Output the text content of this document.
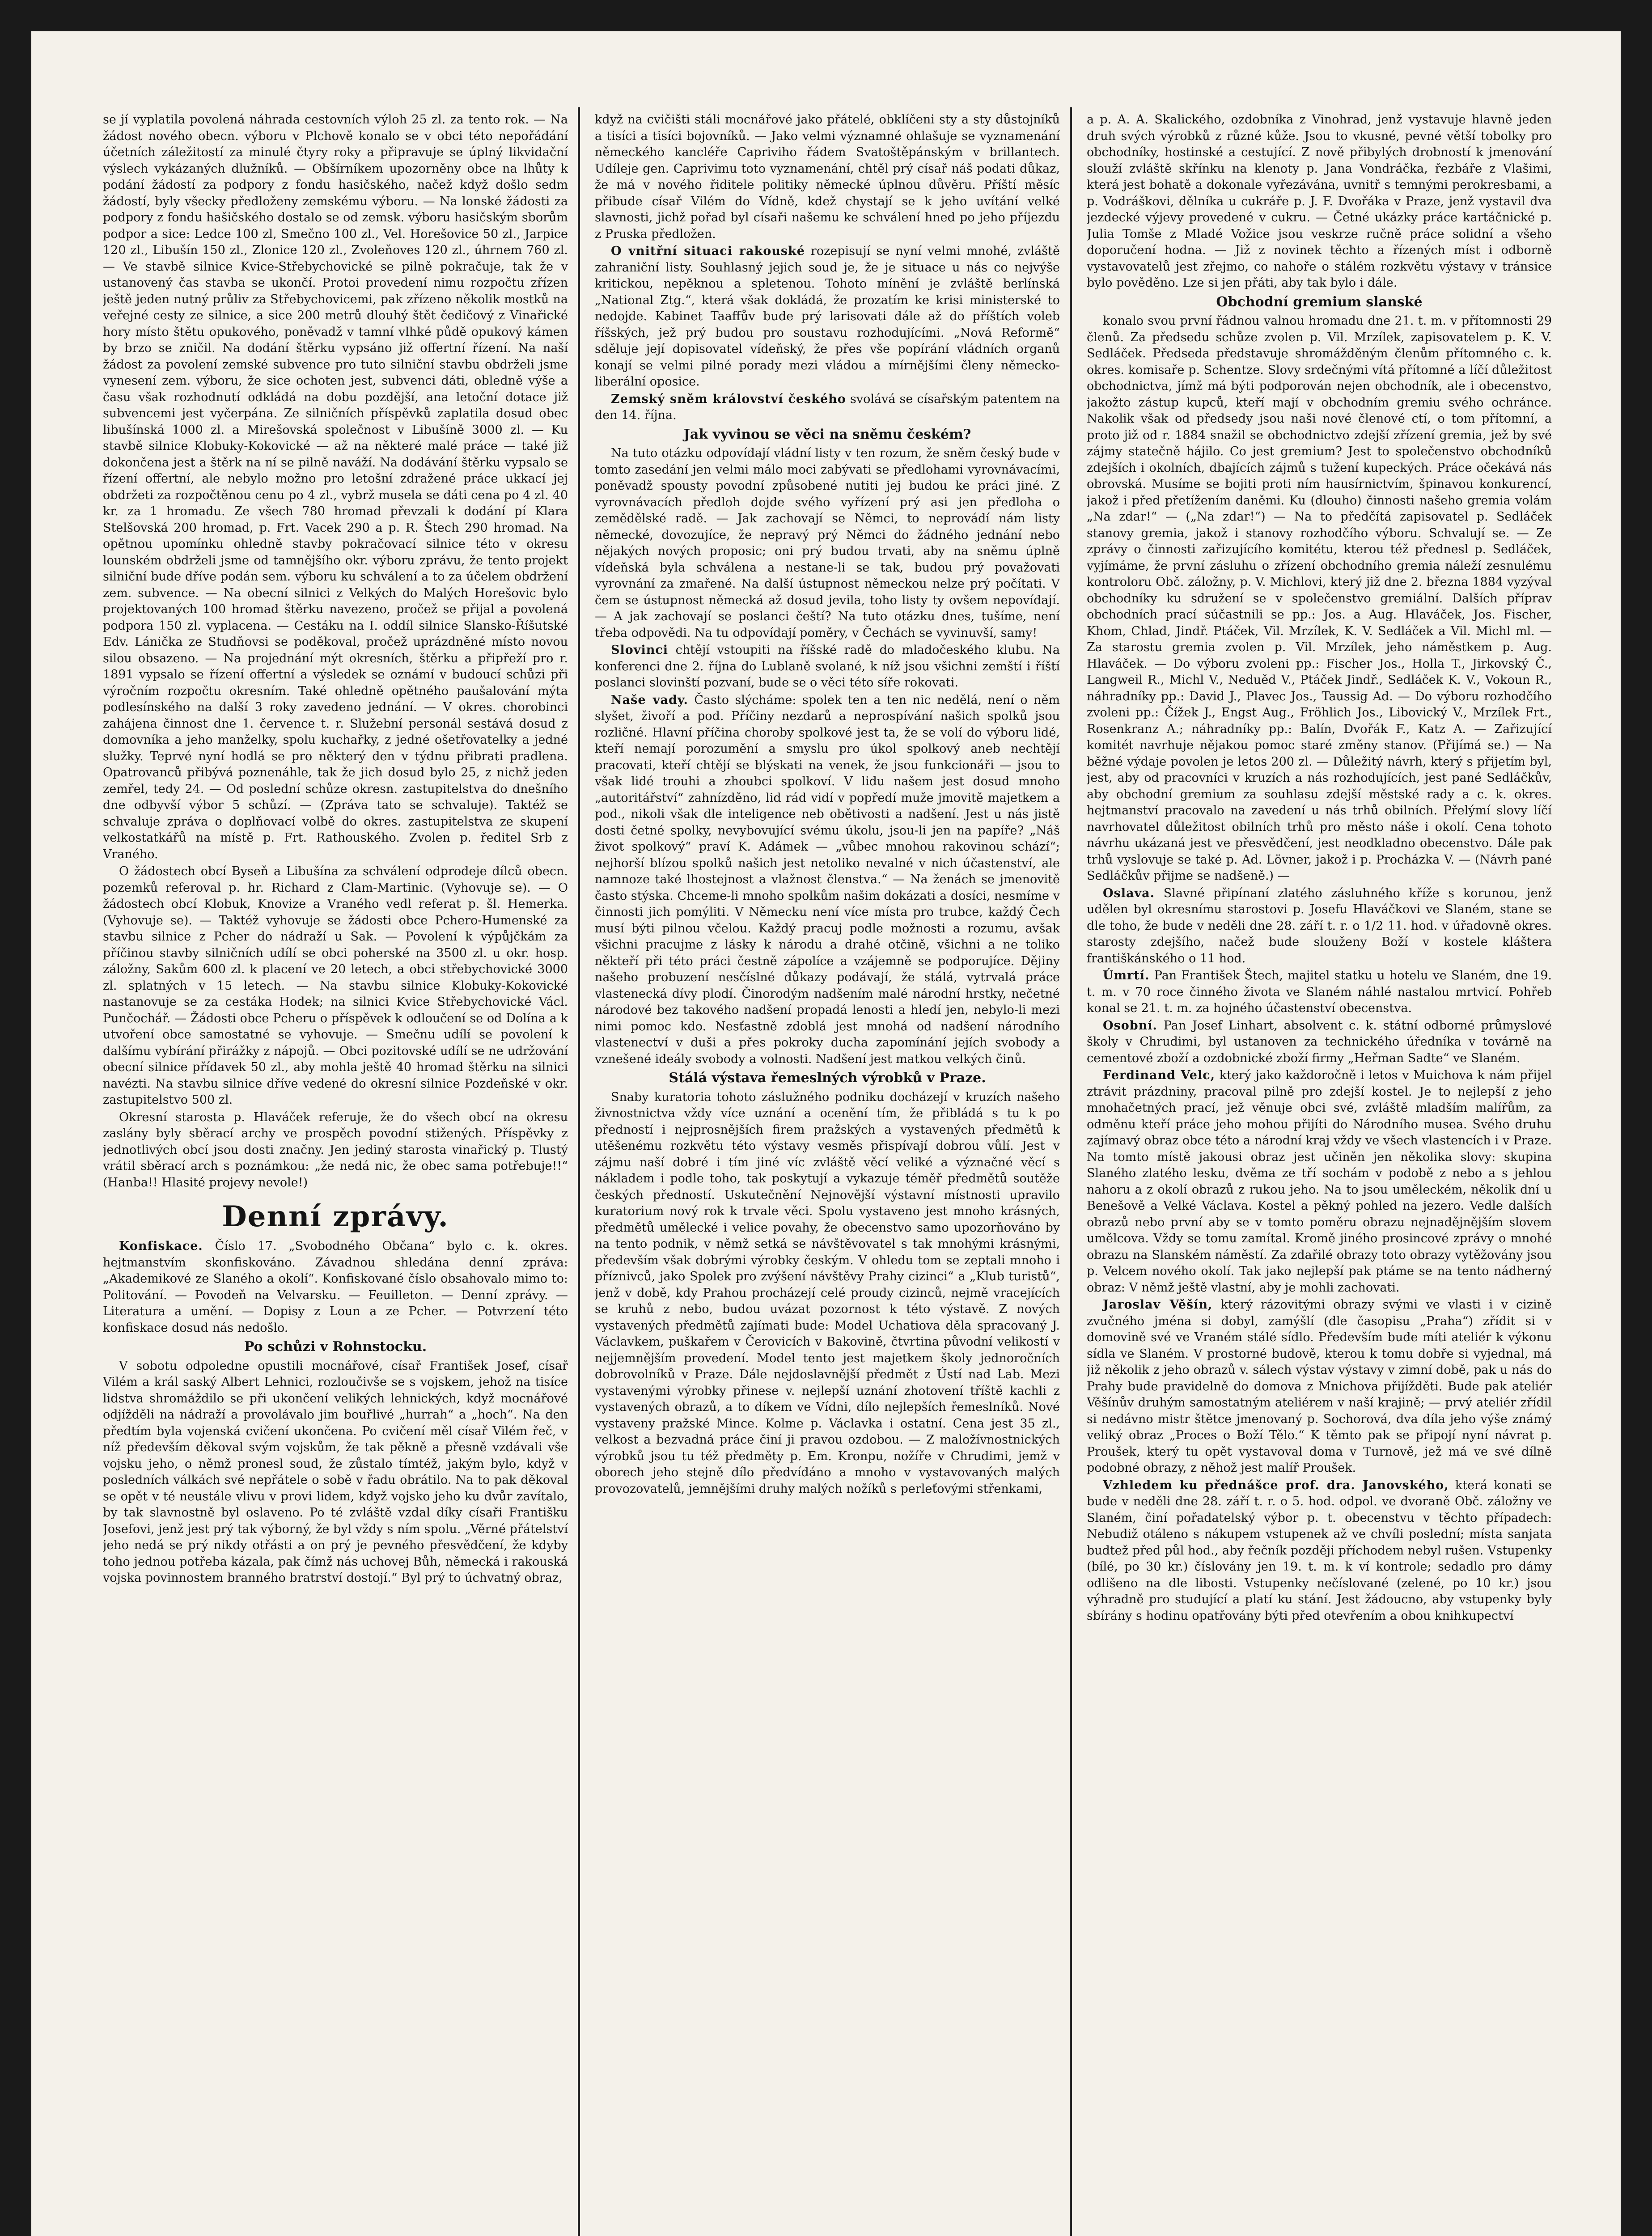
se jí vyplatila povolená náhrada cestovních výloh 25 zl. za tento rok. — Na žádost nového obecn. výboru v Plchově konalo se v obci této nepořádání účetních záležitostí za minulé čtyry roky a připravuje se úplný likvidační výslech vykázaných dlužníků. — Obšírníkem upozorněny obce na lhůty k podání žádostí za podpory z fondu hasičského, načež když došlo sedm žádostí, byly všecky předloženy zemskému výboru. — Na lonské žádosti za podpory z fondu hašičského dostalo se od zemsk. výboru hasičským sborům podpor a sice: Ledce 100 zl, Smečno 100 zl., Vel. Horešovice 50 zl., Jarpice 120 zl., Libušín 150 zl., Zlonice 120 zl., Zvoleňoves 120 zl., úhrnem 760 zl. — Ve stavbě silnice Kvice-Střebychovické se pilně pokračuje, tak že v ustanovený čas stavba se ukončí. Protoi provedení nimu rozpočtu zřízen ještě jeden nutný průliv za Střebychovicemi, pak zřízeno několik mostků na veřejné cesty ze silnice, a sice 200 metrů dlouhý štět čedičový z Vinařické hory místo štětu opukového, poněvadž v tamní vlhké půdě opukový kámen by brzo se zničil. Na dodání štěrku vypsáno již offertní řízení. Na naší žádost za povolení zemské subvence pro tuto silniční stavbu obdrželi jsme vynesení zem. výboru, že sice ochoten jest, subvenci dáti, obledně výše a času však rozhodnutí odkládá na dobu pozdější, ana letoční dotace již subvencemi jest vyčerpána. Ze silničních příspěvků zaplatila dosud obec libušínská 1000 zl. a Mirešovská společnost v Libušíně 3000 zl. — Ku stavbě silnice Klobuky-Kokovické — až na některé malé práce — také již dokončena jest a štěrk na ní se pilně naváží. Na dodávání štěrku vypsalo se řízení offertní, ale nebylo možno pro letošní zdražené práce ukkací jej obdržeti za rozpočtěnou cenu po 4 zl., vybrž musela se dáti cena po 4 zl. 40 kr. za 1 hromadu. Ze všech 780 hromad převzali k dodání pí Klara Stelšovská 200 hromad, p. Frt. Vacek 290 a p. R. Štech 290 hromad. Na opětnou upomínku ohledně stavby pokračovací silnice této v okresu lounském obdrželi jsme od tamnějšího okr. výboru zprávu, že tento projekt silniční bude dříve podán sem. výboru ku schválení a to za účelem obdržení zem. subvence. — Na obecní silnici z Velkých do Malých Horešovic bylo projektovaných 100 hromad štěrku navezeno, pročež se přijal a povolená podpora 150 zl. vyplacena. — Cestáku na I. oddíl silnice Slansko-Říšutské Edv. Lánička ze Studňovsi se poděkoval, pročež uprázdněné místo novou silou obsazeno. — Na projednání mýt okresních, štěrku a připřeží pro r. 1891 vypsalo se řízení offertní a výsledek se oznámí v budoucí schůzi při výročním rozpočtu okresním. Také ohledně opětného paušalování mýta podlesínského na další 3 roky zavedeno jednání. — V okres. chorobinci zahájena činnost dne 1. července t. r. Služební personál sestává dosud z domovníka a jeho manželky, spolu kuchařky, z jedné ošetřovatelky a jedné služky. Teprvé nyní hodlá se pro některý den v týdnu přibrati pradlena. Opatrovanců přibývá poznenáhle, tak že jich dosud bylo 25, z nichž jeden zemřel, tedy 24. — Od poslední schůze okresn. zastupitelstva do dnešního dne odbyvší výbor 5 schůzí. — (Zpráva tato se schvaluje). Taktéž se schvaluje zpráva o doplňovací volbě do okres. zastupitelstva ze skupení velkostatkářů na místě p. Frt. Rathouského. Zvolen p. ředitel Srb z Vraného.

O žádostech obcí Byseň a Libušína za schválení odprodeje dílců obecn. pozemků referoval p. hr. Richard z Clam-Martinic. (Vyhovuje se). — O žádostech obcí Klobuk, Knovize a Vraného vedl referat p. šl. Hemerka. (Vyhovuje se). — Taktéž vyhovuje se žádosti obce Pchero-Humenské za stavbu silnice z Pcher do nádraží u Sak. — Povolení k výpůjčkám za příčinou stavby silničních udílí se obci poherské na 3500 zl. u okr. hosp. záložny, Sakům 600 zl. k placení ve 20 letech, a obci střebychovické 3000 zl. splatných v 15 letech. — Na stavbu silnice Klobuky-Kokovické nastanovuje se za cestáka Hodek; na silnici Kvice Střebychovické Václ. Punčochář. — Žádosti obce Pcheru o příspěvek k odloučení se od Dolína a k utvoření obce samostatné se vyhovuje. — Smečnu udílí se povolení k dalšímu vybírání přirážky z nápojů. — Obci pozitovské udílí se ne udržování obecní silnice přídavek 50 zl., aby mohla ještě 40 hromad štěrku na silnici navézti. Na stavbu silnice dříve vedené do okresní silnice Pozdeňské v okr. zastupitelstvo 500 zl.

Okresní starosta p. Hlaváček referuje, že do všech obcí na okresu zaslány byly sběrací archy ve prospěch povodní stižených. Příspěvky z jednotlivých obcí jsou dosti značny. Jen jediný starosta vinařický p. Tlustý vrátil sběrací arch s poznámkou: „že nedá nic, že obec sama potřebuje!!“ (Hanba!! Hlasité projevy nevole!)

Denní zprávy.

Konfiskace. Číslo 17. „Svobodného Občana“ bylo c. k. okres. hejtmanstvím skonfiskováno. Závadnou shledána denní zpráva: „Akademikové ze Slaného a okolí“. Konfiskované číslo obsahovalo mimo to: Politování. — Povodeň na Velvarsku. — Feuilleton. — Denní zprávy. — Literatura a umění. — Dopisy z Loun a ze Pcher. — Potvrzení této konfiskace dosud nás nedošlo.

Po schůzi v Rohnstocku.

V sobotu odpoledne opustili mocnářové, císař František Josef, císař Vilém a král saský Albert Lehnici, rozloučivše se s vojskem, jehož na tisíce lidstva shromáždilo se při ukončení velikých lehnických, když mocnářové odjížděli na nádraží a provolávalo jim bouřlivé „hurrah“ a „hoch“. Na den předtím byla vojenská cvičení ukončena. Po cvičení měl císař Vilém řeč, v níž především děkoval svým vojskům, že tak pěkně a přesně vzdávali vše vojsku jeho, o němž pronesl soud, že zůstalo tímtéž, jakým bylo, když v posledních válkách své nepřátele o sobě v řadu obrátilo. Na to pak děkoval se opět v té neustále vlivu v provi lidem, když vojsko jeho ku dvůr zavítalo, by tak slavnostně byl oslaveno. Po té zvláště vzdal díky císaři Františku Josefovi, jenž jest prý tak výborný, že byl vždy s ním spolu. „Věrné přátelství jeho nedá se prý nikdy otřásti a on prý je pevného přesvědčení, že kdyby toho jednou potřeba kázala, pak čímž nás uchovej Bůh, německá i rakouská vojska povinnostem branného bratrství dostojí.“ Byl prý to úchvatný obraz,

když na cvičišti stáli mocnářové jako přátelé, obklíčeni sty a sty důstojníků a tisíci a tisíci bojovníků. — Jako velmi významné ohlašuje se vyznamenání německého kancléře Capriviho řádem Svatoštěpánským v brillantech. Udíleje gen. Caprivimu toto vyznamenání, chtěl prý císař náš podati důkaz, že má v nového řiditele politiky německé úplnou důvěru. Příští měsíc přibude císař Vilém do Vídně, kdež chystají se k jeho uvítání velké slavnosti, jichž pořad byl císaři našemu ke schválení hned po jeho příjezdu z Pruska předložen.

O vnitřní situaci rakouské rozepisují se nyní velmi mnohé, zvláště zahraniční listy. Souhlasný jejich soud je, že je situace u nás co nejvýše kritickou, nepěknou a spletenou. Tohoto mínění je zvláště berlínská „National Ztg.“, která však dokládá, že prozatím ke krisi ministerské to nedojde. Kabinet Taaffův bude prý larisovati dále až do příštích voleb říšských, jež prý budou pro soustavu rozhodujícími. „Nová Reformě“ sděluje její dopisovatel vídeňský, že přes vše popírání vládních organů konají se velmi pilné porady mezi vládou a mírnějšími členy německo-liberální oposice.

Zemský sněm království českého svolává se císařským patentem na den 14. října.

Jak vyvinou se věci na sněmu českém?

Na tuto otázku odpovídají vládní listy v ten rozum, že sněm český bude v tomto zasedání jen velmi málo moci zabývati se předlohami vyrovnávacími, poněvadž spousty povodní způsobené nutiti jej budou ke práci jiné. Z vyrovnávacích předloh dojde svého vyřízení prý asi jen předloha o zemědělské radě. — Jak zachovají se Němci, to neprovádí nám listy německé, dovozujíce, že nepravý prý Němci do žádného jednání nebo nějakých nových proposic; oni prý budou trvati, aby na sněmu úplně vídeňská byla schválena a nestane-li se tak, budou prý považovati vyrovnání za zmařené. Na další ústupnost německou nelze prý počítati. V čem se ústupnost německá až dosud jevila, toho listy ty ovšem nepovídají. — A jak zachovají se poslanci čeští? Na tuto otázku dnes, tušíme, není třeba odpovědi. Na tu odpovídají poměry, v Čechách se vyvinuvší, samy!

Slovinci chtějí vstoupiti na říšské radě do mladočeského klubu. Na konferenci dne 2. října do Lublaně svolané, k níž jsou všichni zemští i říští poslanci slovinští pozvaní, bude se o věci této síře rokovati.

Naše vady. Často slýcháme: spolek ten a ten nic nedělá, není o něm slyšet, živoří a pod. Příčiny nezdarů a neprospívání našich spolků jsou rozličné. Hlavní příčina choroby spolkové jest ta, že se volí do výboru lidé, kteří nemají porozumění a smyslu pro úkol spolkový aneb nechtějí pracovati, kteří chtějí se blýskati na venek, že jsou funkcionáři — jsou to však lidé trouhi a zhoubci spolkoví. V lidu našem jest dosud mnoho „autoritářství“ zahnízděno, lid rád vidí v popředí muže jmovitě majetkem a pod., nikoli však dle inteligence neb obětivosti a nadšení. Jest u nás jistě dosti četné spolky, nevybovující svému úkolu, jsou-li jen na papíře? „Náš život spolkový“ praví K. Adámek — „vůbec mnohou rakovinou schází“; nejhorší blízou spolků našich jest netoliko nevalné v nich účastenství, ale namnoze také lhostejnost a vlažnost členstva.“ — Na ženách se jmenovitě často stýska. Chceme-li mnoho spolkům našim dokázati a dosíci, nesmíme v činnosti jich pomýliti. V Německu není více místa pro trubce, každý Čech musí býti pilnou včelou. Každý pracuj podle možnosti a rozumu, avšak všichni pracujme z lásky k národu a drahé otčině, všichni a ne toliko někteří při této práci čestně zápolíce a vzájemně se podporujíce. Dějiny našeho probuzení nesčíslné důkazy podávají, že stálá, vytrvalá práce vlastenecká dívy plodí. Činorodým nadšením malé národní hrstky, nečetné národové bez takového nadšení propadá lenosti a hledí jen, nebylo-li mezi nimi pomoc kdo. Nesťastně zdoblá jest mnohá od nadšení národního vlastenectví v duši a přes pokroky ducha zapomínání jejích svobody a vznešené ideály svobody a volnosti. Nadšení jest matkou velkých činů.

Stálá výstava řemeslných výrobků v Praze.

Snaby kuratoria tohoto záslužného podniku docházejí v kruzích našeho živnostnictva vždy více uznání a ocenění tím, že přibládá s tu k po předností i nejprosnějších firem pražských a vystavených předmětů k utěšenému rozkvětu této výstavy vesměs přispívají dobrou vůlí. Jest v zájmu naší dobré i tím jiné víc zvláště věcí veliké a význačné věcí s nákladem i podle toho, tak poskytují a vykazuje téměř předmětů soutěže českých předností. Uskutečnění Nejnovější výstavní místnosti upravilo kuratorium nový rok k trvale věci. Spolu vystaveno jest mnoho krásných, předmětů umělecké i velice povahy, že obecenstvo samo upozorňováno by na tento podnik, v němž setká se návštěvovatel s tak mnohými krásnými, především však dobrými výrobky českým. V ohledu tom se zeptali mnoho i příznivců, jako Spolek pro zvýšení návštěvy Prahy cizinci“ a „Klub turistů“, jenž v době, kdy Prahou procházejí celé proudy cizinců, nejmě vracejících se kruhů z nebo, budou uvázat pozornost k této výstavě. Z nových vystavených předmětů zajímati bude: Model Uchatiova děla spracovaný J. Václavkem, puškařem v Čerovicích v Bakovině, čtvrtina původní velikostí v nejjemnějším provedení. Model tento jest majetkem školy jednoročních dobrovolníků v Praze. Dále nejdoslavnější předmět z Ústí nad Lab. Mezi vystavenými výrobky přinese v. nejlepší uznání zhotovení tříště kachli z vystavených obrazů, a to díkem ve Vídni, dílo nejlepších řemeslníků. Nové vystaveny pražské Mince. Kolme p. Václavka i ostatní. Cena jest 35 zl., velkost a bezvadná práce činí ji pravou ozdobou. — Z maložívnostnických výrobků jsou tu též předměty p. Em. Kronpu, nožíře v Chrudimi, jemž v oborech jeho stejně dílo předvídáno a mnoho v vystavovaných malých provozovatelů, jemnějšími druhy malých nožíků s perleťovými střenkami,

a p. A. A. Skalického, ozdobníka z Vinohrad, jenž vystavuje hlavně jeden druh svých výrobků z různé kůže. Jsou to vkusné, pevné větší tobolky pro obchodníky, hostinské a cestující. Z nově přibylých drobností k jmenování slouží zvláště skřínku na klenoty p. Jana Vondráčka, řezbáře z Vlašimi, která jest bohatě a dokonale vyřezávána, uvnitř s temnými perokresbami, a p. Vodráškovi, dělníka u cukráře p. J. F. Dvořáka v Praze, jenž vystavil dva jezdecké výjevy provedené v cukru. — Četné ukázky práce kartáčnické p. Julia Tomše z Mladé Vožice jsou veskrze ručně práce solidní a všeho doporučení hodna. — Již z novinek těchto a řízených míst i odborně vystavovatelů jest zřejmo, co nahoře o stálém rozkvětu výstavy v tránsice bylo pověděno. Lze si jen přáti, aby tak bylo i dále.

Obchodní gremium slanské

konalo svou první řádnou valnou hromadu dne 21. t. m. v přítomnosti 29 členů. Za předsedu schůze zvolen p. Vil. Mrzílek, zapisovatelem p. K. V. Sedláček. Předseda představuje shromážděným členům přítomného c. k. okres. komisaře p. Schentze. Slovy srdečnými vítá přítomné a líčí důležitost obchodnictva, jímž má býti podporován nejen obchodník, ale i obecenstvo, jakožto zástup kupců, kteří mají v obchodním gremiu svého ochránce. Nakolik však od předsedy jsou naši nové členové ctí, o tom přítomní, a proto již od r. 1884 snažil se obchodnictvo zdejší zřízení gremia, jež by své zájmy statečně hájilo. Co jest gremium? Jest to společenstvo obchodníků zdejších i okolních, dbajících zájmů s tužení kupeckých. Práce očekává nás obrovská. Musíme se bojiti proti ním hausírnictvím, špinavou konkurencí, jakož i před přetížením daněmi. Ku (dlouho) činnosti našeho gremia volám „Na zdar!“ — („Na zdar!“) — Na to předčítá zapisovatel p. Sedláček stanovy gremia, jakož i stanovy rozhodčího výboru. Schvalují se. — Ze zprávy o činnosti zařizujícího komitétu, kterou též přednesl p. Sedláček, vyjímáme, že první zásluhu o zřízení obchodního gremia náleží zesnulému kontroloru Obč. záložny, p. V. Michlovi, který již dne 2. března 1884 vyzýval obchodníky ku sdružení se v společenstvo gremiální. Dalších příprav obchodních prací súčastnili se pp.: Jos. a Aug. Hlaváček, Jos. Fischer, Khom, Chlad, Jindř. Ptáček, Vil. Mrzílek, K. V. Sedláček a Vil. Michl ml. — Za starostu gremia zvolen p. Vil. Mrzílek, jeho náměstkem p. Aug. Hlaváček. — Do výboru zvoleni pp.: Fischer Jos., Holla T., Jirkovský Č., Langweil R., Michl V., Neduěd V., Ptáček Jindř., Sedláček K. V., Vokoun R., náhradníky pp.: David J., Plavec Jos., Taussig Ad. — Do výboru rozhodčího zvoleni pp.: Čížek J., Engst Aug., Fröhlich Jos., Libovický V., Mrzílek Frt., Rosenkranz A.; náhradníky pp.: Balín, Dvořák F., Katz A. — Zařizující komitét navrhuje nějakou pomoc staré změny stanov. (Přijímá se.) — Na běžné výdaje povolen je letos 200 zl. — Důležitý návrh, který s přijetím byl, jest, aby od pracovníci v kruzích a nás rozhodujících, jest pané Sedláčkův, aby obchodní gremium za souhlasu zdejší městské rady a c. k. okres. hejtmanství pracovalo na zavedení u nás trhů obilních. Přelýmí slovy líčí navrhovatel důležitost obilních trhů pro město náše i okolí. Cena tohoto návrhu ukázaná jest ve přesvědčení, jest neodkladno obecenstvo. Dále pak trhů vyslovuje se také p. Ad. Lövner, jakož i p. Procházka V. — (Návrh pané Sedláčkův přijme se nadšeně.) —

Oslava. Slavné připínaní zlatého zásluhného kříže s korunou, jenž udělen byl okresnímu starostovi p. Josefu Hlaváčkovi ve Slaném, stane se dle toho, že bude v neděli dne 28. září t. r. o 1/2 11. hod. v úřadovně okres. starosty zdejšího, načež bude slouženy Boží v kostele kláštera františkánského o 11 hod.

Úmrtí. Pan František Štech, majitel statku u hotelu ve Slaném, dne 19. t. m. v 70 roce činného života ve Slaném náhlé nastalou mrtvicí. Pohřeb konal se 21. t. m. za hojného účastenství obecenstva.

Osobní. Pan Josef Linhart, absolvent c. k. státní odborné průmyslové školy v Chrudimi, byl ustanoven za technického úředníka v továrně na cementové zboží a ozdobnické zboží firmy „Heřman Sadte“ ve Slaném.

Ferdinand Velc, který jako každoročně i letos v Muichova k nám přijel ztrávit prázdniny, pracoval pilně pro zdejší kostel. Je to nejlepší z jeho mnohačetných prací, jež věnuje obci své, zvláště mladším malířům, za odměnu kteří práce jeho mohou přijíti do Národního musea. Svého druhu zajímavý obraz obce této a národní kraj vždy ve všech vlastencích i v Praze. Na tomto místě jakousi obraz jest učiněn jen několika slovy: skupina Slaného zlatého lesku, dvěma ze tří sochám v podobě z nebo a s jehlou nahoru a z okolí obrazů z rukou jeho. Na to jsou uměleckém, několik dní u Benešově a Velké Václava. Kostel a pěkný pohled na jezero. Vedle dalších obrazů nebo první aby se v tomto poměru obrazu nejnadějnějším slovem umělcova. Vždy se tomu zamítal. Kromě jiného prosincové zprávy o mnohé obrazu na Slanském náměstí. Za zdařilé obrazy toto obrazy vytěžovány jsou p. Velcem nového okolí. Tak jako nejlepší pak ptáme se na tento nádherný obraz: V němž ještě vlastní, aby je mohli zachovati.

Jaroslav Věšín, který rázovitými obrazy svými ve vlasti i v cizině zvučného jména si dobyl, zamýšlí (dle časopisu „Praha“) zřídit si v domovině své ve Vraném stálé sídlo. Především bude míti ateliér k výkonu sídla ve Slaném. V prostorné budově, kterou k tomu dobře si vyjednal, má již několik z jeho obrazů v. sálech výstav výstavy v zimní době, pak u nás do Prahy bude pravidelně do domova z Mnichova přijížděti. Bude pak ateliér Věšínův druhým samostatným ateliérem v naší krajině; — prvý ateliér zřídil si nedávno mistr štětce jmenovaný p. Sochorová, dva díla jeho výše známý veliký obraz „Proces o Boží Tělo.“ K těmto pak se připojí nyní návrat p. Proušek, který tu opět vystavoval doma v Turnově, jež má ve své dílně podobné obrazy, z něhož jest malíř Proušek.

Vzhledem ku přednášce prof. dra. Janovského, která konati se bude v neděli dne 28. září t. r. o 5. hod. odpol. ve dvoraně Obč. záložny ve Slaném, činí pořadatelský výbor p. t. obecenstvu v těchto případech: Nebudiž otálenо s nákupem vstupenek až ve chvíli poslední; místa sanjata budtež před půl hod., aby řečník později příchodem nebyl rušen. Vstupenky (bílé, po 30 kr.) číslovány jen 19. t. m. k ví kontrole; sedadlo pro dámy odlišeno na dle libosti. Vstupenky nečíslované (zelené, po 10 kr.) jsou výhradně pro studující a platí ku stání. Jest žádoucno, aby vstupenky byly sbírány s hodinu opatřovány býti před otevřením a obou knihkupectví
